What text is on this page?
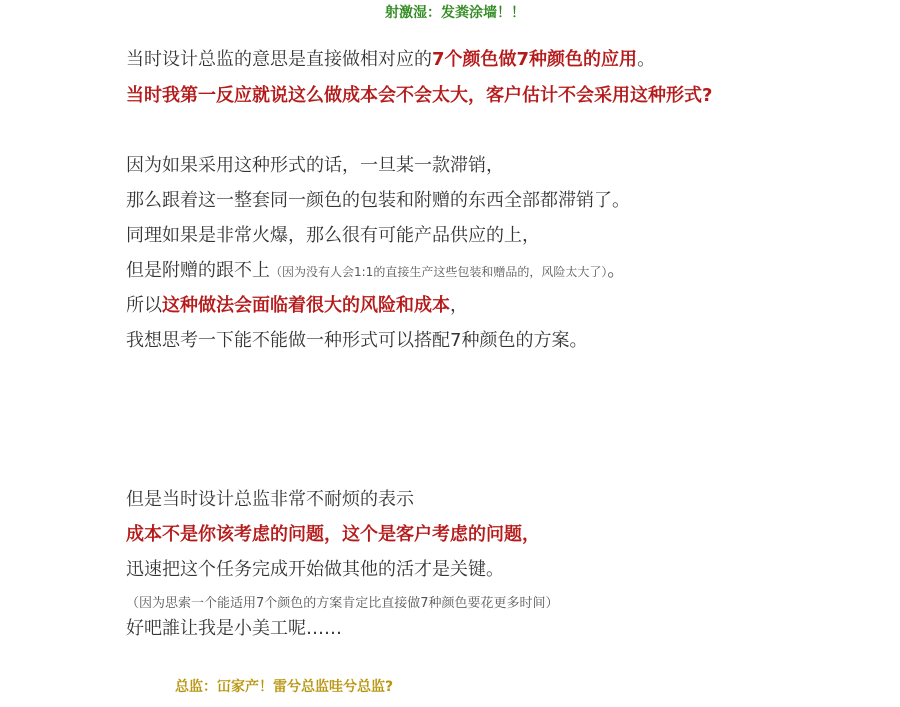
射激湿：发粪涂墙！！
当时设计总监的意思是直接做相对应的7个颜色做7种颜色的应用。
当时我第一反应就说这么做成本会不会太大，客户估计不会采用这种形式?
因为如果采用这种形式的话，一旦某一款滞销，
那么跟着这一整套同一颜色的包装和附赠的东西全部都滞销了。
同理如果是非常火爆，那么很有可能产品供应的上，
但是附赠的跟不上（因为没有人会1:1的直接生产这些包装和赠品的，风险太大了）。
所以这种做法会面临着很大的风险和成本，
我想思考一下能不能做一种形式可以搭配7种颜色的方案。
但是当时设计总监非常不耐烦的表示
成本不是你该考虑的问题，这个是客户考虑的问题，
迅速把这个任务完成开始做其他的活才是关键。
（因为思索一个能适用7个颜色的方案肯定比直接做7种颜色要花更多时间）
好吧誰让我是小美工呢……
总监：冚家产！雷兮总监哇兮总监?
